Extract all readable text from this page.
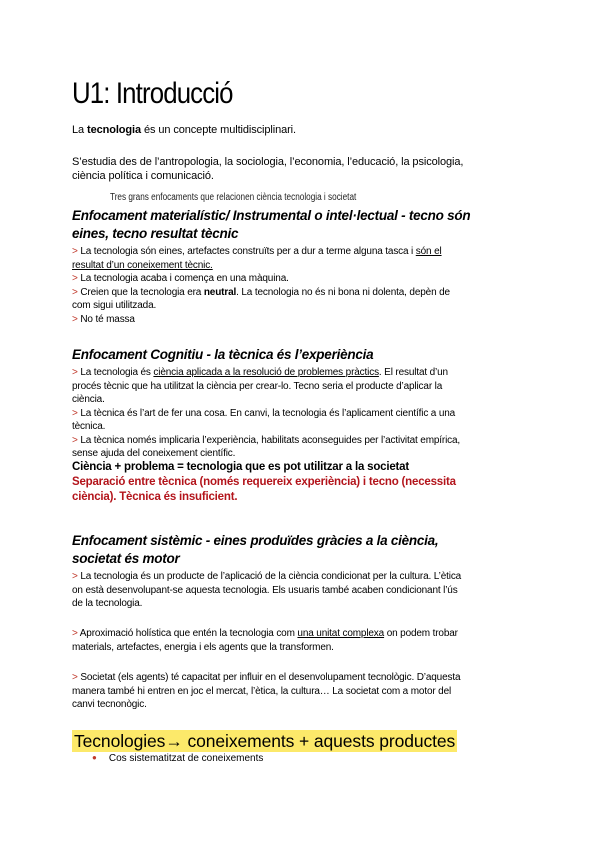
U1: Introducció

La tecnologia és un concepte multidisciplinari.

S’estudia des de l’antropologia, la sociologia, l’economia, l’educació, la psicologia,
ciència política i comunicació.

Tres grans enfocaments que relacionen ciència tecnologia i societat
Enfocament materialístic/ Instrumental o intel·lectual - tecno són
eines, tecno resultat tècnic
> La tecnologia són eines, artefactes construïts per a dur a terme alguna tasca i són el
resultat d’un coneixement tècnic.
> La tecnologia acaba i comença en una màquina.
> Creien que la tecnologia era neutral. La tecnologia no és ni bona ni dolenta, depèn de
com sigui utilitzada.
> No té massa
Enfocament Cognitiu - la tècnica és l’experiència
> La tecnologia és ciència aplicada a la resolució de problemes pràctics. El resultat d’un
procés tècnic que ha utilitzat la ciència per crear-lo. Tecno seria el producte d’aplicar la
ciència.
> La tècnica és l’art de fer una cosa. En canvi, la tecnologia és l’aplicament científic a una
tècnica.
> La tècnica només implicaria l’experiència, habilitats aconseguides per l’activitat empírica,
sense ajuda del coneixement científic.
Ciència + problema = tecnologia que es pot utilitzar a la societat
Separació entre tècnica (només requereix experiència) i tecno (necessita
ciència). Tècnica és insuficient.
Enfocament sistèmic - eines produïdes gràcies a la ciència,
societat és motor
> La tecnologia és un producte de l’aplicació de la ciència condicionat per la cultura. L’ètica
on està desenvolupant-se aquesta tecnologia. Els usuaris també acaben condicionant l’ús
de la tecnologia.
> Aproximació holística que entén la tecnologia com una unitat complexa on podem trobar
materials, artefactes, energia i els agents que la transformen.
> Societat (els agents) té capacitat per influir en el desenvolupament tecnològic. D’aquesta
manera també hi entren en joc el mercat, l’ètica, la cultura… La societat com a motor del
canvi tecnonògic.
Tecnologies→ coneixements + aquests productes
● Cos sistematitzat de coneixements
